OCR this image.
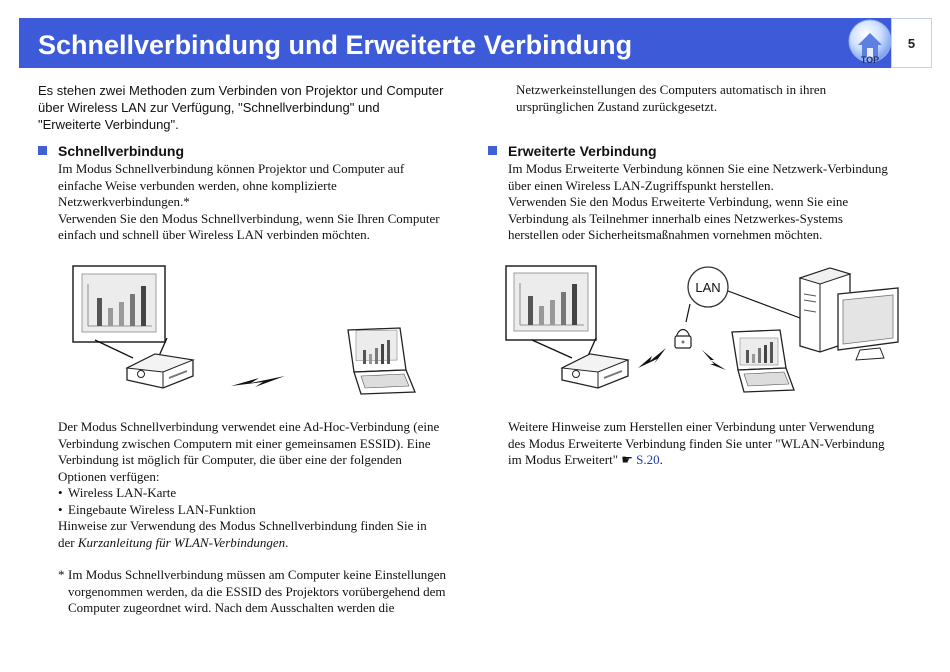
Schnellverbindung und Erweiterte Verbindung	TOP
5

Es stehen zwei Methoden zum Verbinden von Projektor und Computer
über Wireless LAN zur Verfügung, "Schnellverbindung" und
"Erweiterte Verbindung".

Netzwerkeinstellungen des Computers automatisch in ihren
ursprünglichen Zustand zurückgesetzt.
Schnellverbindung
Im Modus Schnellverbindung können Projektor und Computer auf
einfache Weise verbunden werden, ohne komplizierte
Netzwerkverbindungen.*
Verwenden Sie den Modus Schnellverbindung, wenn Sie Ihren Computer
einfach und schnell über Wireless LAN verbinden möchten.
Erweiterte Verbindung
Im Modus Erweiterte Verbindung können Sie eine Netzwerk-Verbindung
über einen Wireless LAN-Zugriffspunkt herstellen.
Verwenden Sie den Modus Erweiterte Verbindung, wenn Sie eine
Verbindung als Teilnehmer innerhalb eines Netzwerkes-Systems
herstellen oder Sicherheitsmaßnahmen vornehmen möchten.
LAN
Der Modus Schnellverbindung verwendet eine Ad-Hoc-Verbindung (eine
Verbindung zwischen Computern mit einer gemeinsamen ESSID). Eine
Verbindung ist möglich für Computer, die über eine der folgenden
Optionen verfügen:
• Wireless LAN-Karte
• Eingebaute Wireless LAN-Funktion
Hinweise zur Verwendung des Modus Schnellverbindung finden Sie in
der Kurzanleitung für WLAN-Verbindungen.
* Im Modus Schnellverbindung müssen am Computer keine Einstellungen
vorgenommen werden, da die ESSID des Projektors vorübergehend dem
Computer zugeordnet wird. Nach dem Ausschalten werden die
Weitere Hinweise zum Herstellen einer Verbindung unter Verwendung
des Modus Erweiterte Verbindung finden Sie unter "WLAN-Verbindung
im Modus Erweitert" ☛ S.20.
